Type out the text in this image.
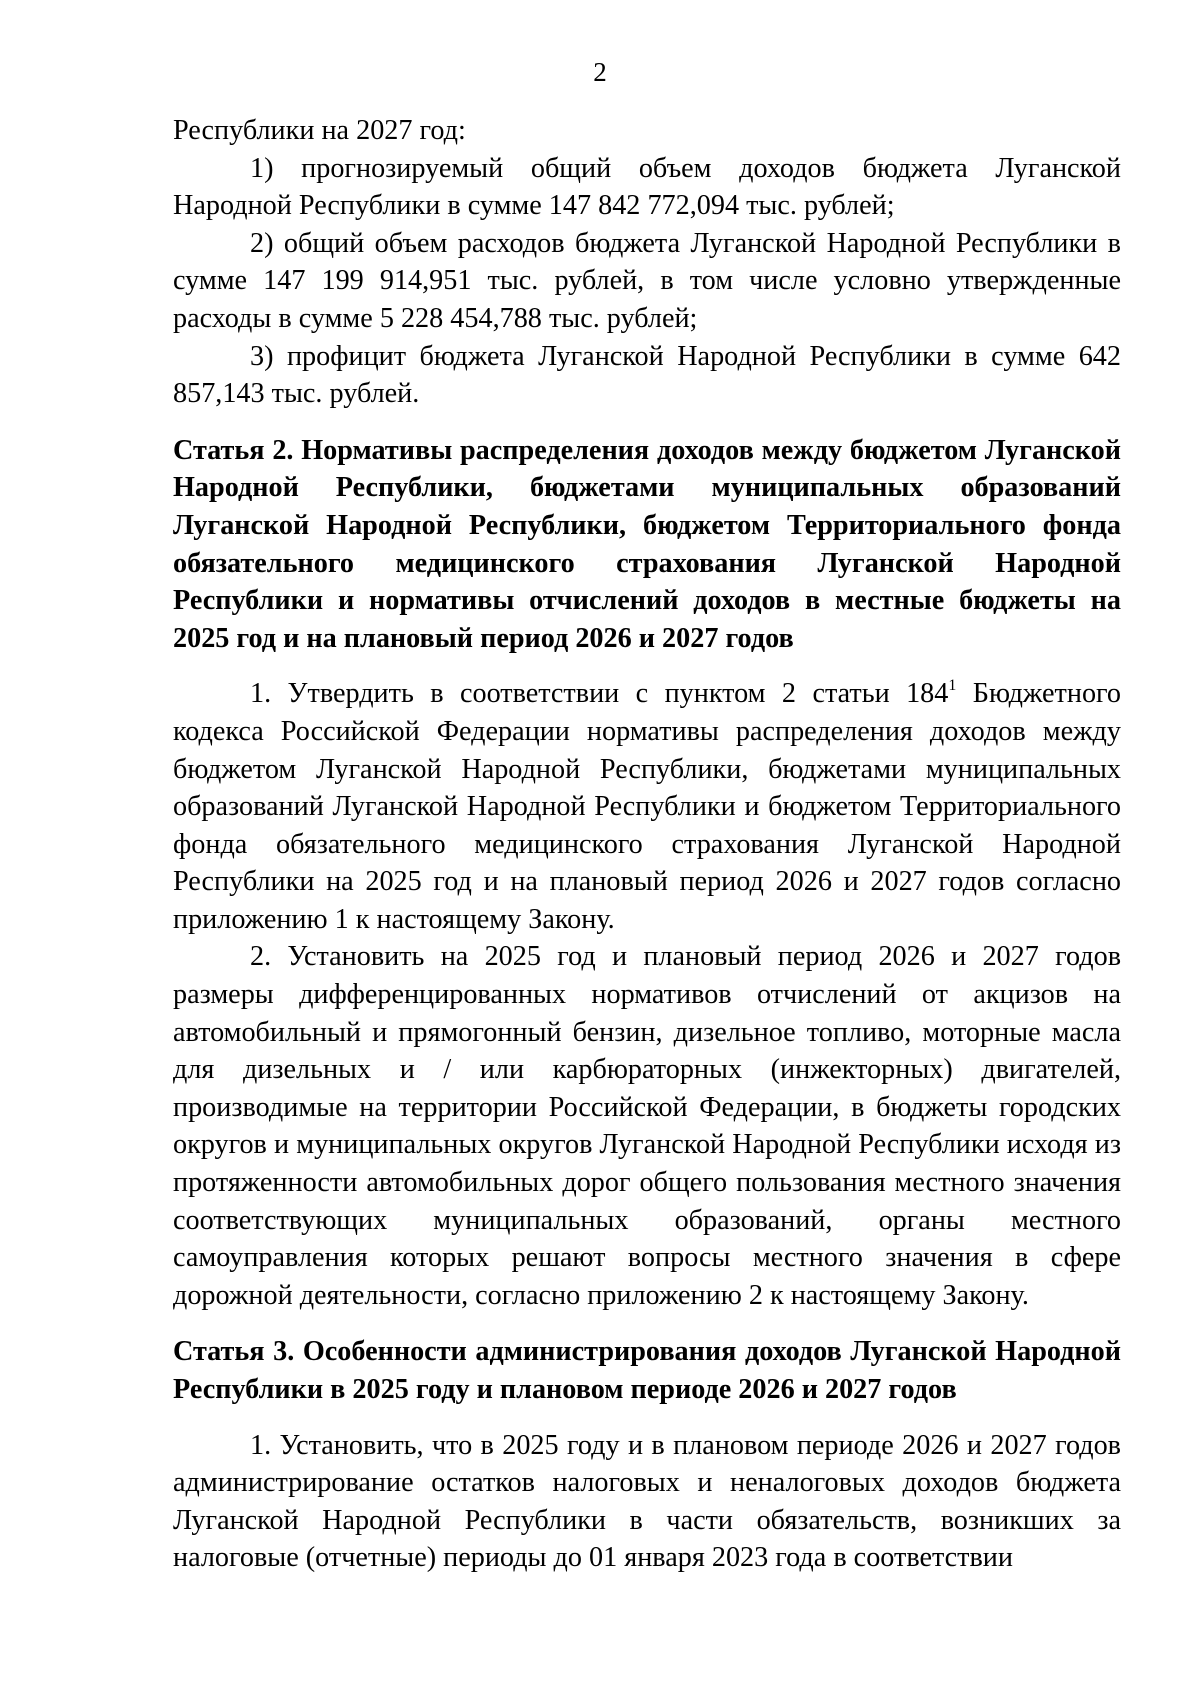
2

Республики на 2027 год:

1) прогнозируемый общий объем доходов бюджета Луганской Народной Республики в сумме 147 842 772,094 тыс. рублей;

2) общий объем расходов бюджета Луганской Народной Республики в сумме 147 199 914,951 тыс. рублей, в том числе условно утвержденные расходы в сумме 5 228 454,788 тыс. рублей;

3) профицит бюджета Луганской Народной Республики в сумме 642 857,143 тыс. рублей.

Статья 2. Нормативы распределения доходов между бюджетом Луганской Народной Республики, бюджетами муниципальных образований Луганской Народной Республики, бюджетом Территориального фонда обязательного медицинского страхования Луганской Народной Республики и нормативы отчислений доходов в местные бюджеты на 2025 год и на плановый период 2026 и 2027 годов

1. Утвердить в соответствии с пунктом 2 статьи $184^1$ Бюджетного кодекса Российской Федерации нормативы распределения доходов между бюджетом Луганской Народной Республики, бюджетами муниципальных образований Луганской Народной Республики и бюджетом Территориального фонда обязательного медицинского страхования Луганской Народной Республики на 2025 год и на плановый период 2026 и 2027 годов согласно приложению 1 к настоящему Закону.

2. Установить на 2025 год и плановый период 2026 и 2027 годов размеры дифференцированных нормативов отчислений от акцизов на автомобильный и прямогонный бензин, дизельное топливо, моторные масла для дизельных и / или карбюраторных (инжекторных) двигателей, производимые на территории Российской Федерации, в бюджеты городских округов и муниципальных округов Луганской Народной Республики исходя из протяженности автомобильных дорог общего пользования местного значения соответствующих муниципальных образований, органы местного самоуправления которых решают вопросы местного значения в сфере дорожной деятельности, согласно приложению 2 к настоящему Закону.

Статья 3. Особенности администрирования доходов Луганской Народной Республики в 2025 году и плановом периоде 2026 и 2027 годов

1. Установить, что в 2025 году и в плановом периоде 2026 и 2027 годов администрирование остатков налоговых и неналоговых доходов бюджета Луганской Народной Республики в части обязательств, возникших за налоговые (отчетные) периоды до 01 января 2023 года в соответствии
